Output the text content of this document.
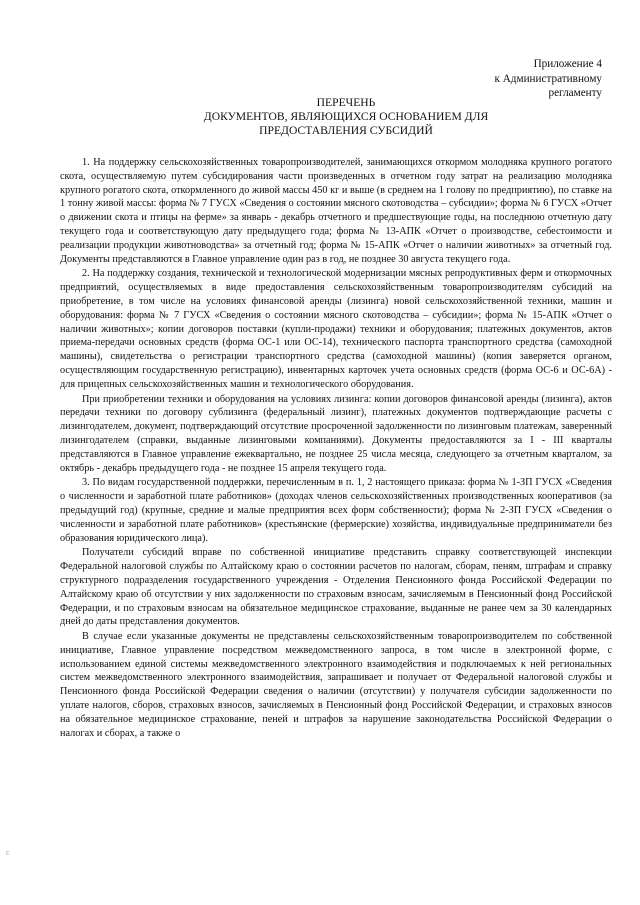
Приложение 4
к Административному
регламенту
ПЕРЕЧЕНЬ
ДОКУМЕНТОВ, ЯВЛЯЮЩИХСЯ ОСНОВАНИЕМ ДЛЯ
ПРЕДОСТАВЛЕНИЯ СУБСИДИЙ

1. На поддержку сельскохозяйственных товаропроизводителей, занимающихся откормом молодняка крупного рогатого скота, осуществляемую путем субсидирования части произведенных в отчетном году затрат на реализацию молодняка крупного рогатого скота, откормленного до живой массы 450 кг и выше (в среднем на 1 голову по предприятию), по ставке на 1 тонну живой массы: форма № 7 ГУСХ «Сведения о состоянии мясного скотоводства – субсидии»; форма № 6 ГУСХ «Отчет о движении скота и птицы на ферме» за январь - декабрь отчетного и предшествующие годы, на последнюю отчетную дату текущего года и соответствующую дату предыдущего года; форма № 13-АПК «Отчет о производстве, себестоимости и реализации продукции животноводства» за отчетный год; форма № 15-АПК «Отчет о наличии животных» за отчетный год. Документы представляются в Главное управление один раз в год, не позднее 30 августа текущего года.

2. На поддержку создания, технической и технологической модернизации мясных репродуктивных ферм и откормочных предприятий, осуществляемых в виде предоставления сельскохозяйственным товаропроизводителям субсидий на приобретение, в том числе на условиях финансовой аренды (лизинга) новой сельскохозяйственной техники, машин и оборудования: форма № 7 ГУСХ «Сведения о состоянии мясного скотоводства – субсидии»; форма № 15-АПК «Отчет о наличии животных»; копии договоров поставки (купли-продажи) техники и оборудования; платежных документов, актов приема-передачи основных средств (форма ОС-1 или ОС-14), технического паспорта транспортного средства (самоходной машины), свидетельства о регистрации транспортного средства (самоходной машины) (копия заверяется органом, осуществляющим государственную регистрацию), инвентарных карточек учета основных средств (форма ОС-6 и ОС-6А) - для прицепных сельскохозяйственных машин и технологического оборудования.

При приобретении техники и оборудования на условиях лизинга: копии договоров финансовой аренды (лизинга), актов передачи техники по договору сублизинга (федеральный лизинг), платежных документов подтверждающие расчеты с лизингодателем, документ, подтверждающий отсутствие просроченной задолженности по лизинговым платежам, заверенный лизингодателем (справки, выданные лизинговыми компаниями). Документы предоставляются за I - III кварталы представляются в Главное управление ежеквартально, не позднее 25 числа месяца, следующего за отчетным кварталом, за октябрь - декабрь предыдущего года - не позднее 15 апреля текущего года.

3. По видам государственной поддержки, перечисленным в п. 1, 2 настоящего приказа: форма № 1-ЗП ГУСХ «Сведения о численности и заработной плате работников» (доходах членов сельскохозяйственных производственных кооперативов (за предыдущий год) (крупные, средние и малые предприятия всех форм собственности); форма № 2-ЗП ГУСХ «Сведения о численности и заработной плате работников» (крестьянские (фермерские) хозяйства, индивидуальные предприниматели без образования юридического лица).

Получатели субсидий вправе по собственной инициативе представить справку соответствующей инспекции Федеральной налоговой службы по Алтайскому краю о состоянии расчетов по налогам, сборам, пеням, штрафам и справку структурного подразделения государственного учреждения - Отделения Пенсионного фонда Российской Федерации по Алтайскому краю об отсутствии у них задолженности по страховым взносам, зачисляемым в Пенсионный фонд Российской Федерации, и по страховым взносам на обязательное медицинское страхование, выданные не ранее чем за 30 календарных дней до даты представления документов.

В случае если указанные документы не представлены сельскохозяйственным товаропроизводителем по собственной инициативе, Главное управление посредством межведомственного запроса, в том числе в электронной форме, с использованием единой системы межведомственного электронного взаимодействия и подключаемых к ней региональных систем межведомственного электронного взаимодействия, запрашивает и получает от Федеральной налоговой службы и Пенсионного фонда Российской Федерации сведения о наличии (отсутствии) у получателя субсидии задолженности по уплате налогов, сборов, страховых взносов, зачисляемых в Пенсионный фонд Российской Федерации, и страховых взносов на обязательное медицинское страхование, пеней и штрафов за нарушение законодательства Российской Федерации о налогах и сборах, а также о

c
